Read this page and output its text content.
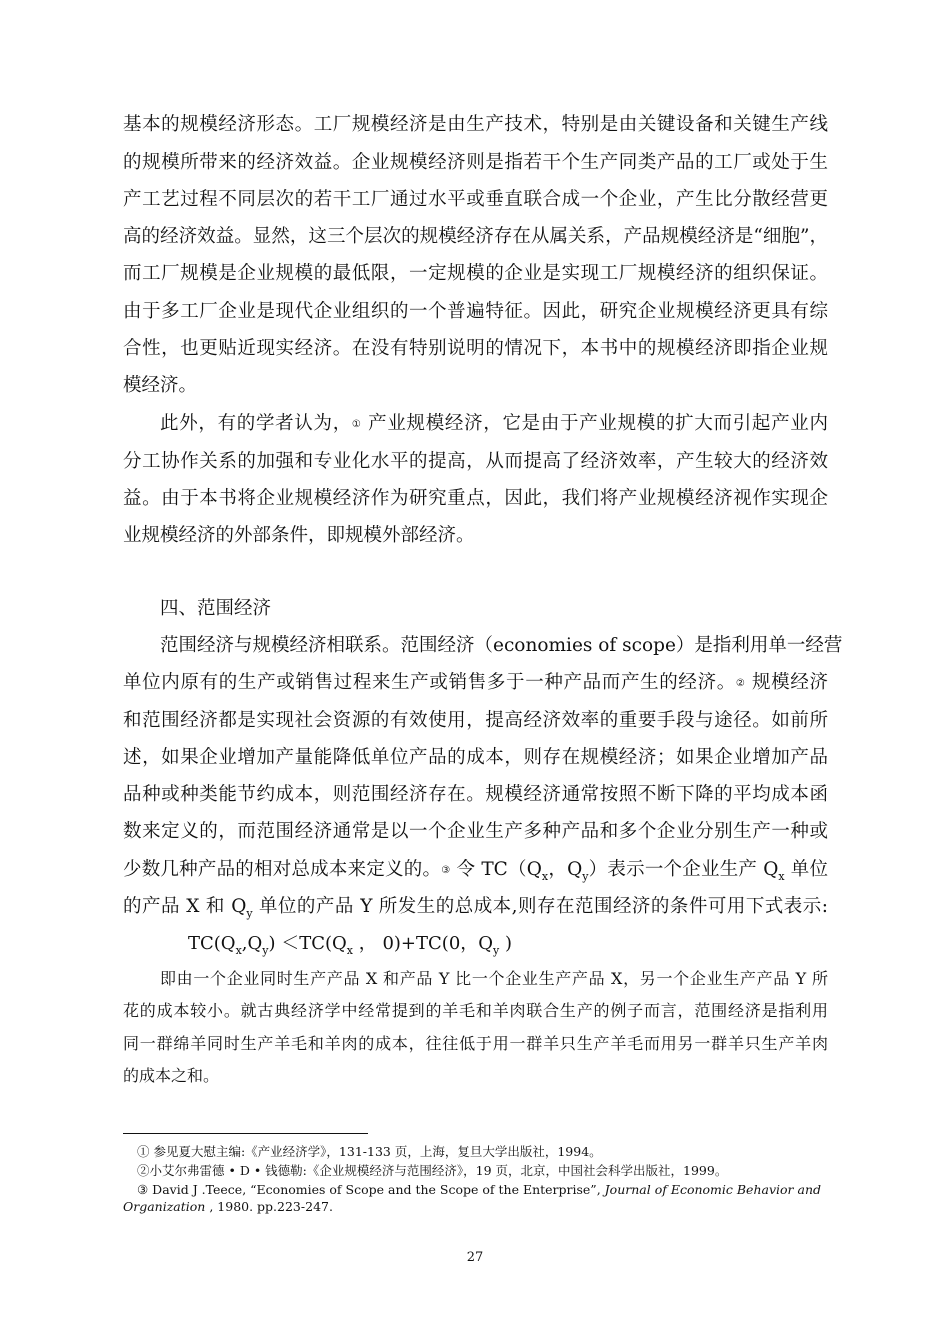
基本的规模经济形态。工厂规模经济是由生产技术，特别是由关键设备和关键生产线
的规模所带来的经济效益。企业规模经济则是指若干个生产同类产品的工厂或处于生
产工艺过程不同层次的若干工厂通过水平或垂直联合成一个企业，产生比分散经营更
高的经济效益。显然，这三个层次的规模经济存在从属关系，产品规模经济是“细胞”，
而工厂规模是企业规模的最低限，一定规模的企业是实现工厂规模经济的组织保证。
由于多工厂企业是现代企业组织的一个普遍特征。因此，研究企业规模经济更具有综
合性，也更贴近现实经济。在没有特别说明的情况下，本书中的规模经济即指企业规
模经济。
此外，有的学者认为，① 产业规模经济，它是由于产业规模的扩大而引起产业内
分工协作关系的加强和专业化水平的提高，从而提高了经济效率，产生较大的经济效
益。由于本书将企业规模经济作为研究重点，因此，我们将产业规模经济视作实现企
业规模经济的外部条件，即规模外部经济。
四、范围经济
范围经济与规模经济相联系。范围经济（economies of scope）是指利用单一经营
单位内原有的生产或销售过程来生产或销售多于一种产品而产生的经济。② 规模经济
和范围经济都是实现社会资源的有效使用，提高经济效率的重要手段与途径。如前所
述，如果企业增加产量能降低单位产品的成本，则存在规模经济；如果企业增加产品
品种或种类能节约成本，则范围经济存在。规模经济通常按照不断下降的平均成本函
数来定义的，而范围经济通常是以一个企业生产多种产品和多个企业分别生产一种或
少数几种产品的相对总成本来定义的。③ 令 $TC(Q_x$，$Q_y$）表示一个企业生产 $Q_x$ 单位
的产品 X 和 $Q_y$ 单位的产品 Y 所发生的总成本,则存在范围经济的条件可用下式表示:
$TC(Q_x,Q_y) <TC(Q_x$ ， 0)+TC(0，$Q_y$ )
即由一个企业同时生产产品 X 和产品 Y 比一个企业生产产品 X，另一个企业生产产品 Y 所
花的成本较小。就古典经济学中经常提到的羊毛和羊肉联合生产的例子而言，范围经济是指利用
同一群绵羊同时生产羊毛和羊肉的成本，往往低于用一群羊只生产羊毛而用另一群羊只生产羊肉
的成本之和。
① 参见夏大慰主编:《产业经济学》，131-133 页，上海，复旦大学出版社，1994。
②小艾尔弗雷德 • D • 钱德勒:《企业规模经济与范围经济》，19 页，北京，中国社会科学出版社，1999。
③ David J .Teece, “Economies of Scope and the Scope of the Enterprise”, Journal of Economic Behavior and
Organization , 1980. pp.223-247.
27
